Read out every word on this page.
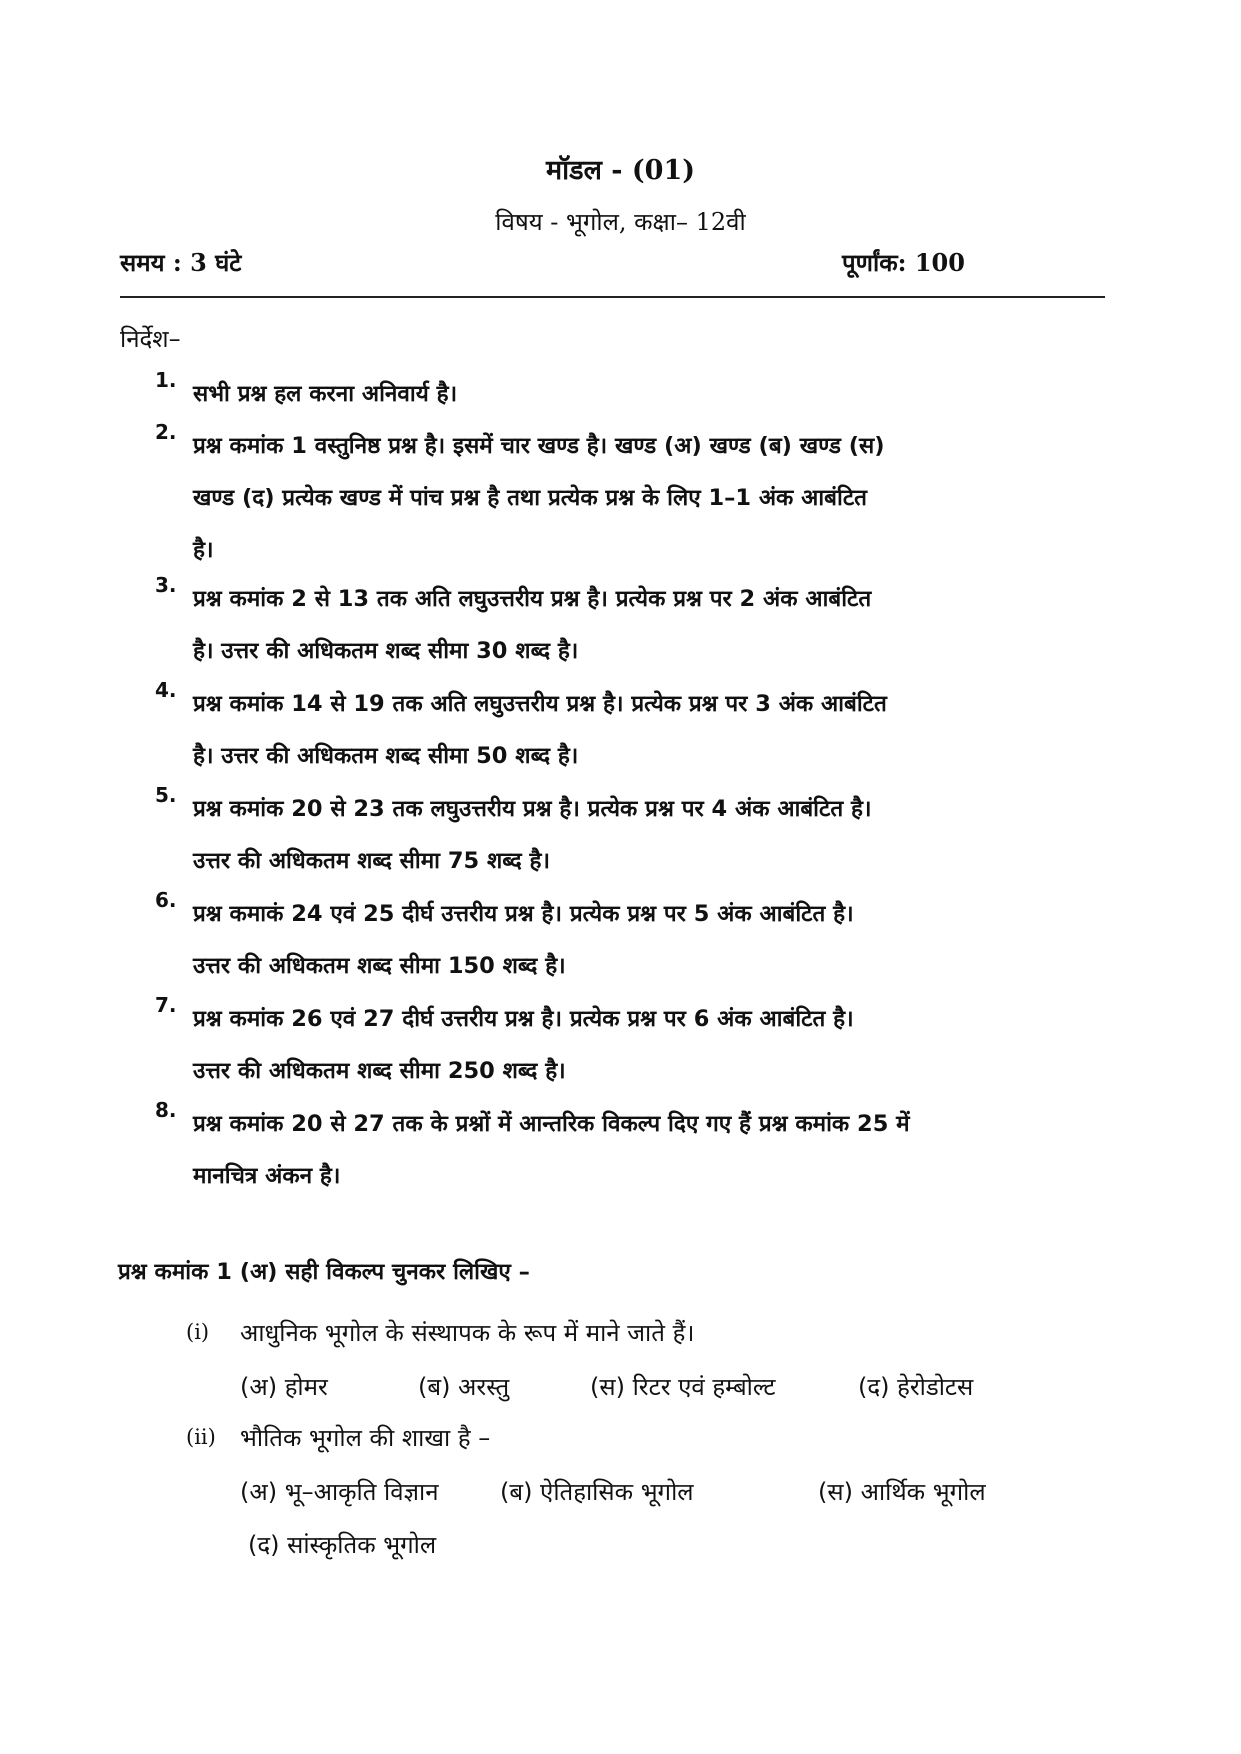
मॉडल - (01)
विषय - भूगोल, कक्षा– 12वी
समय : 3 घंटे	पूर्णांक: 100
निर्देश–
1.
सभी प्रश्न हल करना अनिवार्य है।
2.
प्रश्न कमांक 1 वस्तुनिष्ठ प्रश्न है। इसमें चार खण्ड है। खण्ड (अ) खण्ड (ब) खण्ड (स)
खण्ड (द) प्रत्येक खण्ड में पांच प्रश्न है तथा प्रत्येक प्रश्न के लिए 1–1 अंक आबंटित
है।
3.
प्रश्न कमांक 2 से 13 तक अति लघुउत्तरीय प्रश्न है। प्रत्येक प्रश्न पर 2 अंक आबंटित
है। उत्तर की अधिकतम शब्द सीमा 30 शब्द है।
4.
प्रश्न कमांक 14 से 19 तक अति लघुउत्तरीय प्रश्न है। प्रत्येक प्रश्न पर 3 अंक आबंटित
है। उत्तर की अधिकतम शब्द सीमा 50 शब्द है।
5.
प्रश्न कमांक 20 से 23 तक लघुउत्तरीय प्रश्न है। प्रत्येक प्रश्न पर 4 अंक आबंटित है।
उत्तर की अधिकतम शब्द सीमा 75 शब्द है।
6.
प्रश्न कमाकं 24 एवं 25 दीर्घ उत्तरीय प्रश्न है। प्रत्येक प्रश्न पर 5 अंक आबंटित है।
उत्तर की अधिकतम शब्द सीमा 150 शब्द है।
7.
प्रश्न कमांक 26 एवं 27 दीर्घ उत्तरीय प्रश्न है। प्रत्येक प्रश्न पर 6 अंक आबंटित है।
उत्तर की अधिकतम शब्द सीमा 250 शब्द है।
8.
प्रश्न कमांक 20 से 27 तक के प्रश्नों में आन्तरिक विकल्प दिए गए हैं प्रश्न कमांक 25 में
मानचित्र अंकन है।
प्रश्न कमांक 1 (अ) सही विकल्प चुनकर लिखिए –
(i) आधुनिक भूगोल के संस्थापक के रूप में माने जाते हैं।
(अ) होमर	(ब) अरस्तु	(स) रिटर एवं हम्बोल्ट	(द) हेरोडोटस
(ii) भौतिक भूगोल की शाखा है –
(अ) भू–आकृति विज्ञान	(ब) ऐतिहासिक भूगोल	(स) आर्थिक भूगोल
(द) सांस्कृतिक भूगोल
